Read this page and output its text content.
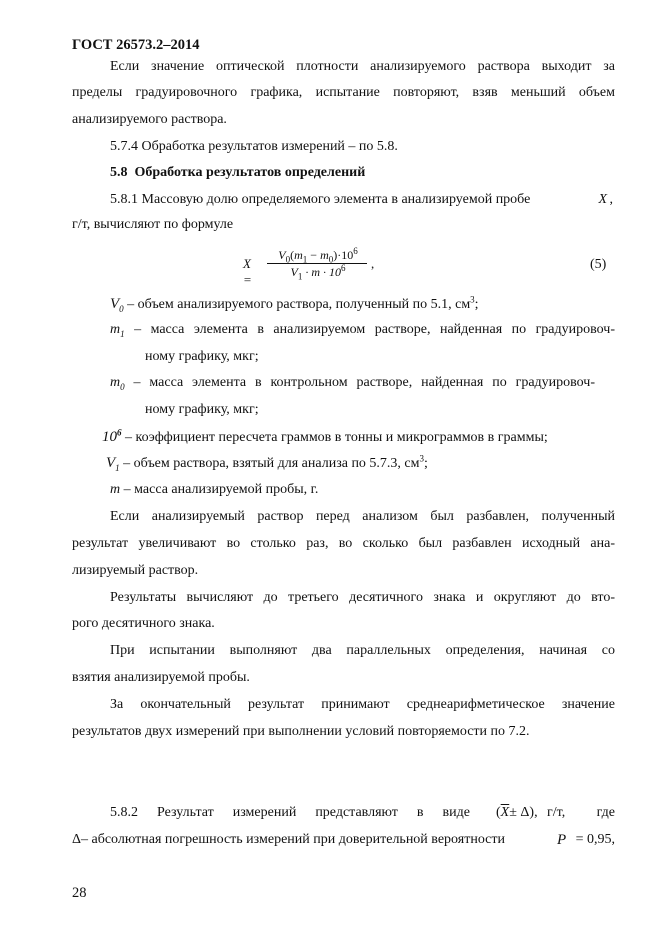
ГОСТ 26573.2–2014
Если значение оптической плотности анализируемого раствора выходит за
пределы градуировочного графика, испытание повторяют, взяв меньший объем
анализируемого раствора.
5.7.4 Обработка результатов измерений – по 5.8.
5.8 Обработка результатов определений
5.8.1 Массовую долю определяемого элемента в анализируемой пробе	X ,
г/т, вычисляют по формуле
X =
$V_0(m_1 - m_0)\cdot 10^6$
$V_1 \cdot m \cdot 10^6$	,	(5)
$V_0$ – объем анализируемого раствора, полученный по 5.1, $см^3$;
$m_1$ – масса элемента в анализируемом растворе, найденная по градуировоч-
ному графику, мкг;
$m_0$ – масса элемента в контрольном растворе, найденная по градуировоч-
ному графику, мкг;
$10^6$ – коэффициент пересчета граммов в тонны и микрограммов в граммы;
$V_1$ – объем раствора, взятый для анализа по 5.7.3, $см^3$;
m – масса анализируемой пробы, г.
Если анализируемый раствор перед анализом был разбавлен, полученный
результат увеличивают во столько раз, во сколько был разбавлен исходный ана-
лизируемый раствор.
Результаты вычисляют до третьего десятичного знака и округляют до вто-
рого десятичного знака.
При испытании выполняют два параллельных определения, начиная со
взятия анализируемой пробы.
За окончательный результат принимают среднеарифметическое значение
результатов двух измерений при выполнении условий повторяемости по 7.2.
5.8.2 Результат измерений представляют в виде $(\overline{X}\pm \Delta)$, г/т, где
Δ– абсолютная погрешность измерений при доверительной вероятности	P = 0,95,
28
